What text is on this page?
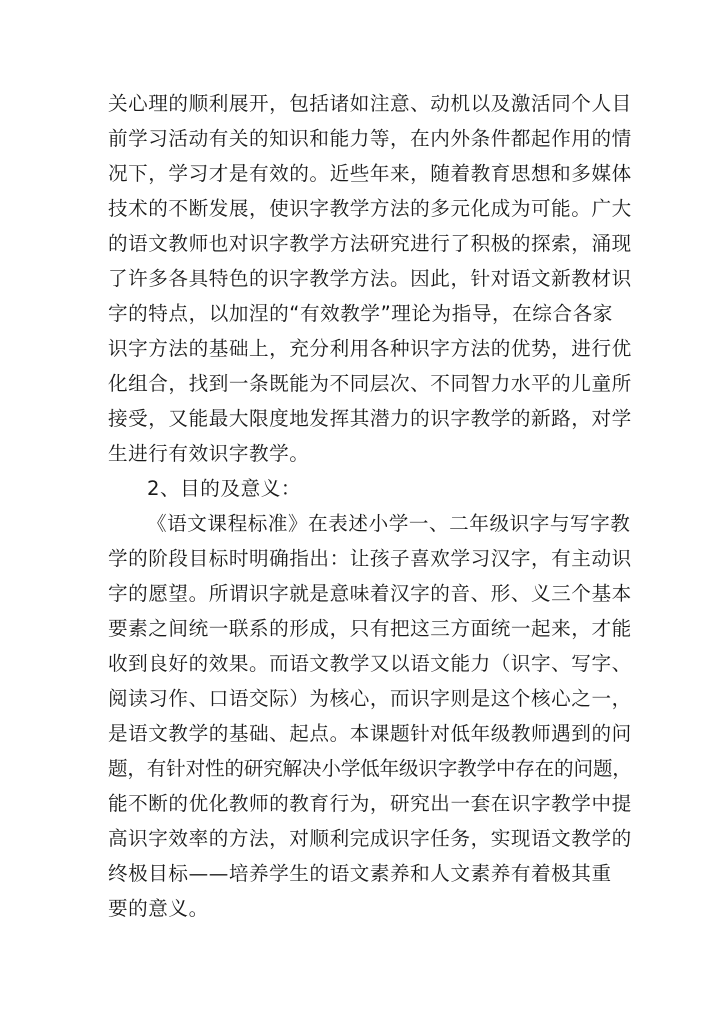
关心理的顺利展开，包括诸如注意、动机以及激活同个人目
前学习活动有关的知识和能力等，在内外条件都起作用的情
况下，学习才是有效的。近些年来，随着教育思想和多媒体
技术的不断发展，使识字教学方法的多元化成为可能。广大
的语文教师也对识字教学方法研究进行了积极的探索，涌现
了许多各具特色的识字教学方法。因此，针对语文新教材识
字的特点，以加涅的“有效教学”理论为指导，在综合各家
识字方法的基础上，充分利用各种识字方法的优势，进行优
化组合，找到一条既能为不同层次、不同智力水平的儿童所
接受，又能最大限度地发挥其潜力的识字教学的新路，对学
生进行有效识字教学。
2、目的及意义：
《语文课程标准》在表述小学一、二年级识字与写字教
学的阶段目标时明确指出：让孩子喜欢学习汉字，有主动识
字的愿望。所谓识字就是意味着汉字的音、形、义三个基本
要素之间统一联系的形成，只有把这三方面统一起来，才能
收到良好的效果。而语文教学又以语文能力（识字、写字、
阅读习作、口语交际）为核心，而识字则是这个核心之一，
是语文教学的基础、起点。本课题针对低年级教师遇到的问
题，有针对性的研究解决小学低年级识字教学中存在的问题，
能不断的优化教师的教育行为，研究出一套在识字教学中提
高识字效率的方法，对顺利完成识字任务，实现语文教学的
终极目标——培养学生的语文素养和人文素养有着极其重
要的意义。
